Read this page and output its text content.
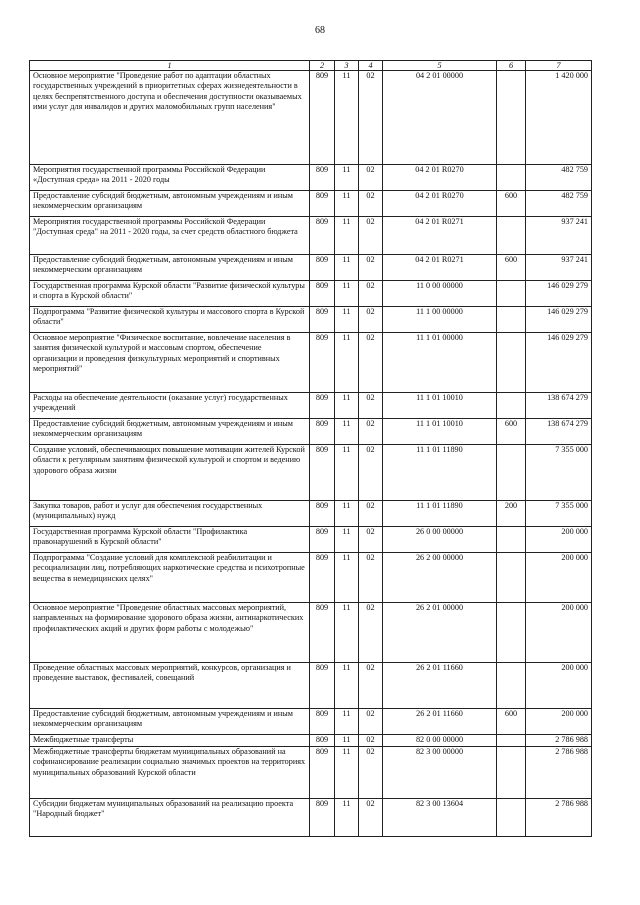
68
1	2	3	4	5	6	7
Основное мероприятие "Проведение работ по адаптации областных государственных учреждений в приоритетных сферах жизнедеятельности в целях беспрепятственного доступа и обеспечения доступности оказываемых ими услуг для инвалидов и других маломобильных групп населения"	809	11	02	04 2 01 00000		1 420 000
Мероприятия государственной программы Российской Федерации «Доступная среда» на 2011 - 2020 годы	809	11	02	04 2 01 R0270		482 759
Предоставление субсидий бюджетным, автономным учреждениям и иным некоммерческим организациям	809	11	02	04 2 01 R0270	600	482 759
Мероприятия государственной программы Российской Федерации "Доступная среда" на 2011 - 2020 годы, за счет средств областного бюджета	809	11	02	04 2 01 R0271		937 241
Предоставление субсидий бюджетным, автономным учреждениям и иным некоммерческим организациям	809	11	02	04 2 01 R0271	600	937 241
Государственная программа Курской области "Развитие физической культуры и спорта в Курской области"	809	11	02	11 0 00 00000		146 029 279
Подпрограмма "Развитие физической культуры и массового спорта в Курской области"	809	11	02	11 1 00 00000		146 029 279
Основное мероприятие "Физическое воспитание, вовлечение населения в занятия физической культурой и массовым спортом, обеспечение организации и проведения физкультурных мероприятий и спортивных мероприятий"	809	11	02	11 1 01 00000		146 029 279
Расходы на обеспечение деятельности (оказание услуг) государственных учреждений	809	11	02	11 1 01 10010		138 674 279
Предоставление субсидий бюджетным, автономным учреждениям и иным некоммерческим организациям	809	11	02	11 1 01 10010	600	138 674 279
Создание условий, обеспечивающих повышение мотивации жителей Курской области к регулярным занятиям физической культурой и спортом и ведению здорового образа жизни	809	11	02	11 1 01 11890		7 355 000
Закупка товаров, работ и услуг для обеспечения государственных (муниципальных) нужд	809	11	02	11 1 01 11890	200	7 355 000
Государственная программа Курской области "Профилактика правонарушений в Курской области"	809	11	02	26 0 00 00000		200 000
Подпрограмма "Создание условий для комплексной реабилитации и ресоциализации лиц, потребляющих наркотические средства и психотропные вещества в немедицинских целях"	809	11	02	26 2 00 00000		200 000
Основное мероприятие "Проведение областных массовых мероприятий, направленных на формирование здорового образа жизни, антинаркотических профилактических акций и других форм работы с молодежью"	809	11	02	26 2 01 00000		200 000
Проведение областных массовых мероприятий, конкурсов, организация и проведение выставок, фестивалей, совещаний	809	11	02	26 2 01 11660		200 000
Предоставление субсидий бюджетным, автономным учреждениям и иным некоммерческим организациям	809	11	02	26 2 01 11660	600	200 000
Межбюджетные трансферты	809	11	02	82 0 00 00000		2 786 988
Межбюджетные трансферты бюджетам муниципальных образований на софинансирование реализации социально значимых проектов на территориях муниципальных образований Курской области	809	11	02	82 3 00 00000		2 786 988
Субсидии бюджетам муниципальных образований на реализацию проекта "Народный бюджет"	809	11	02	82 3 00 13604		2 786 988
